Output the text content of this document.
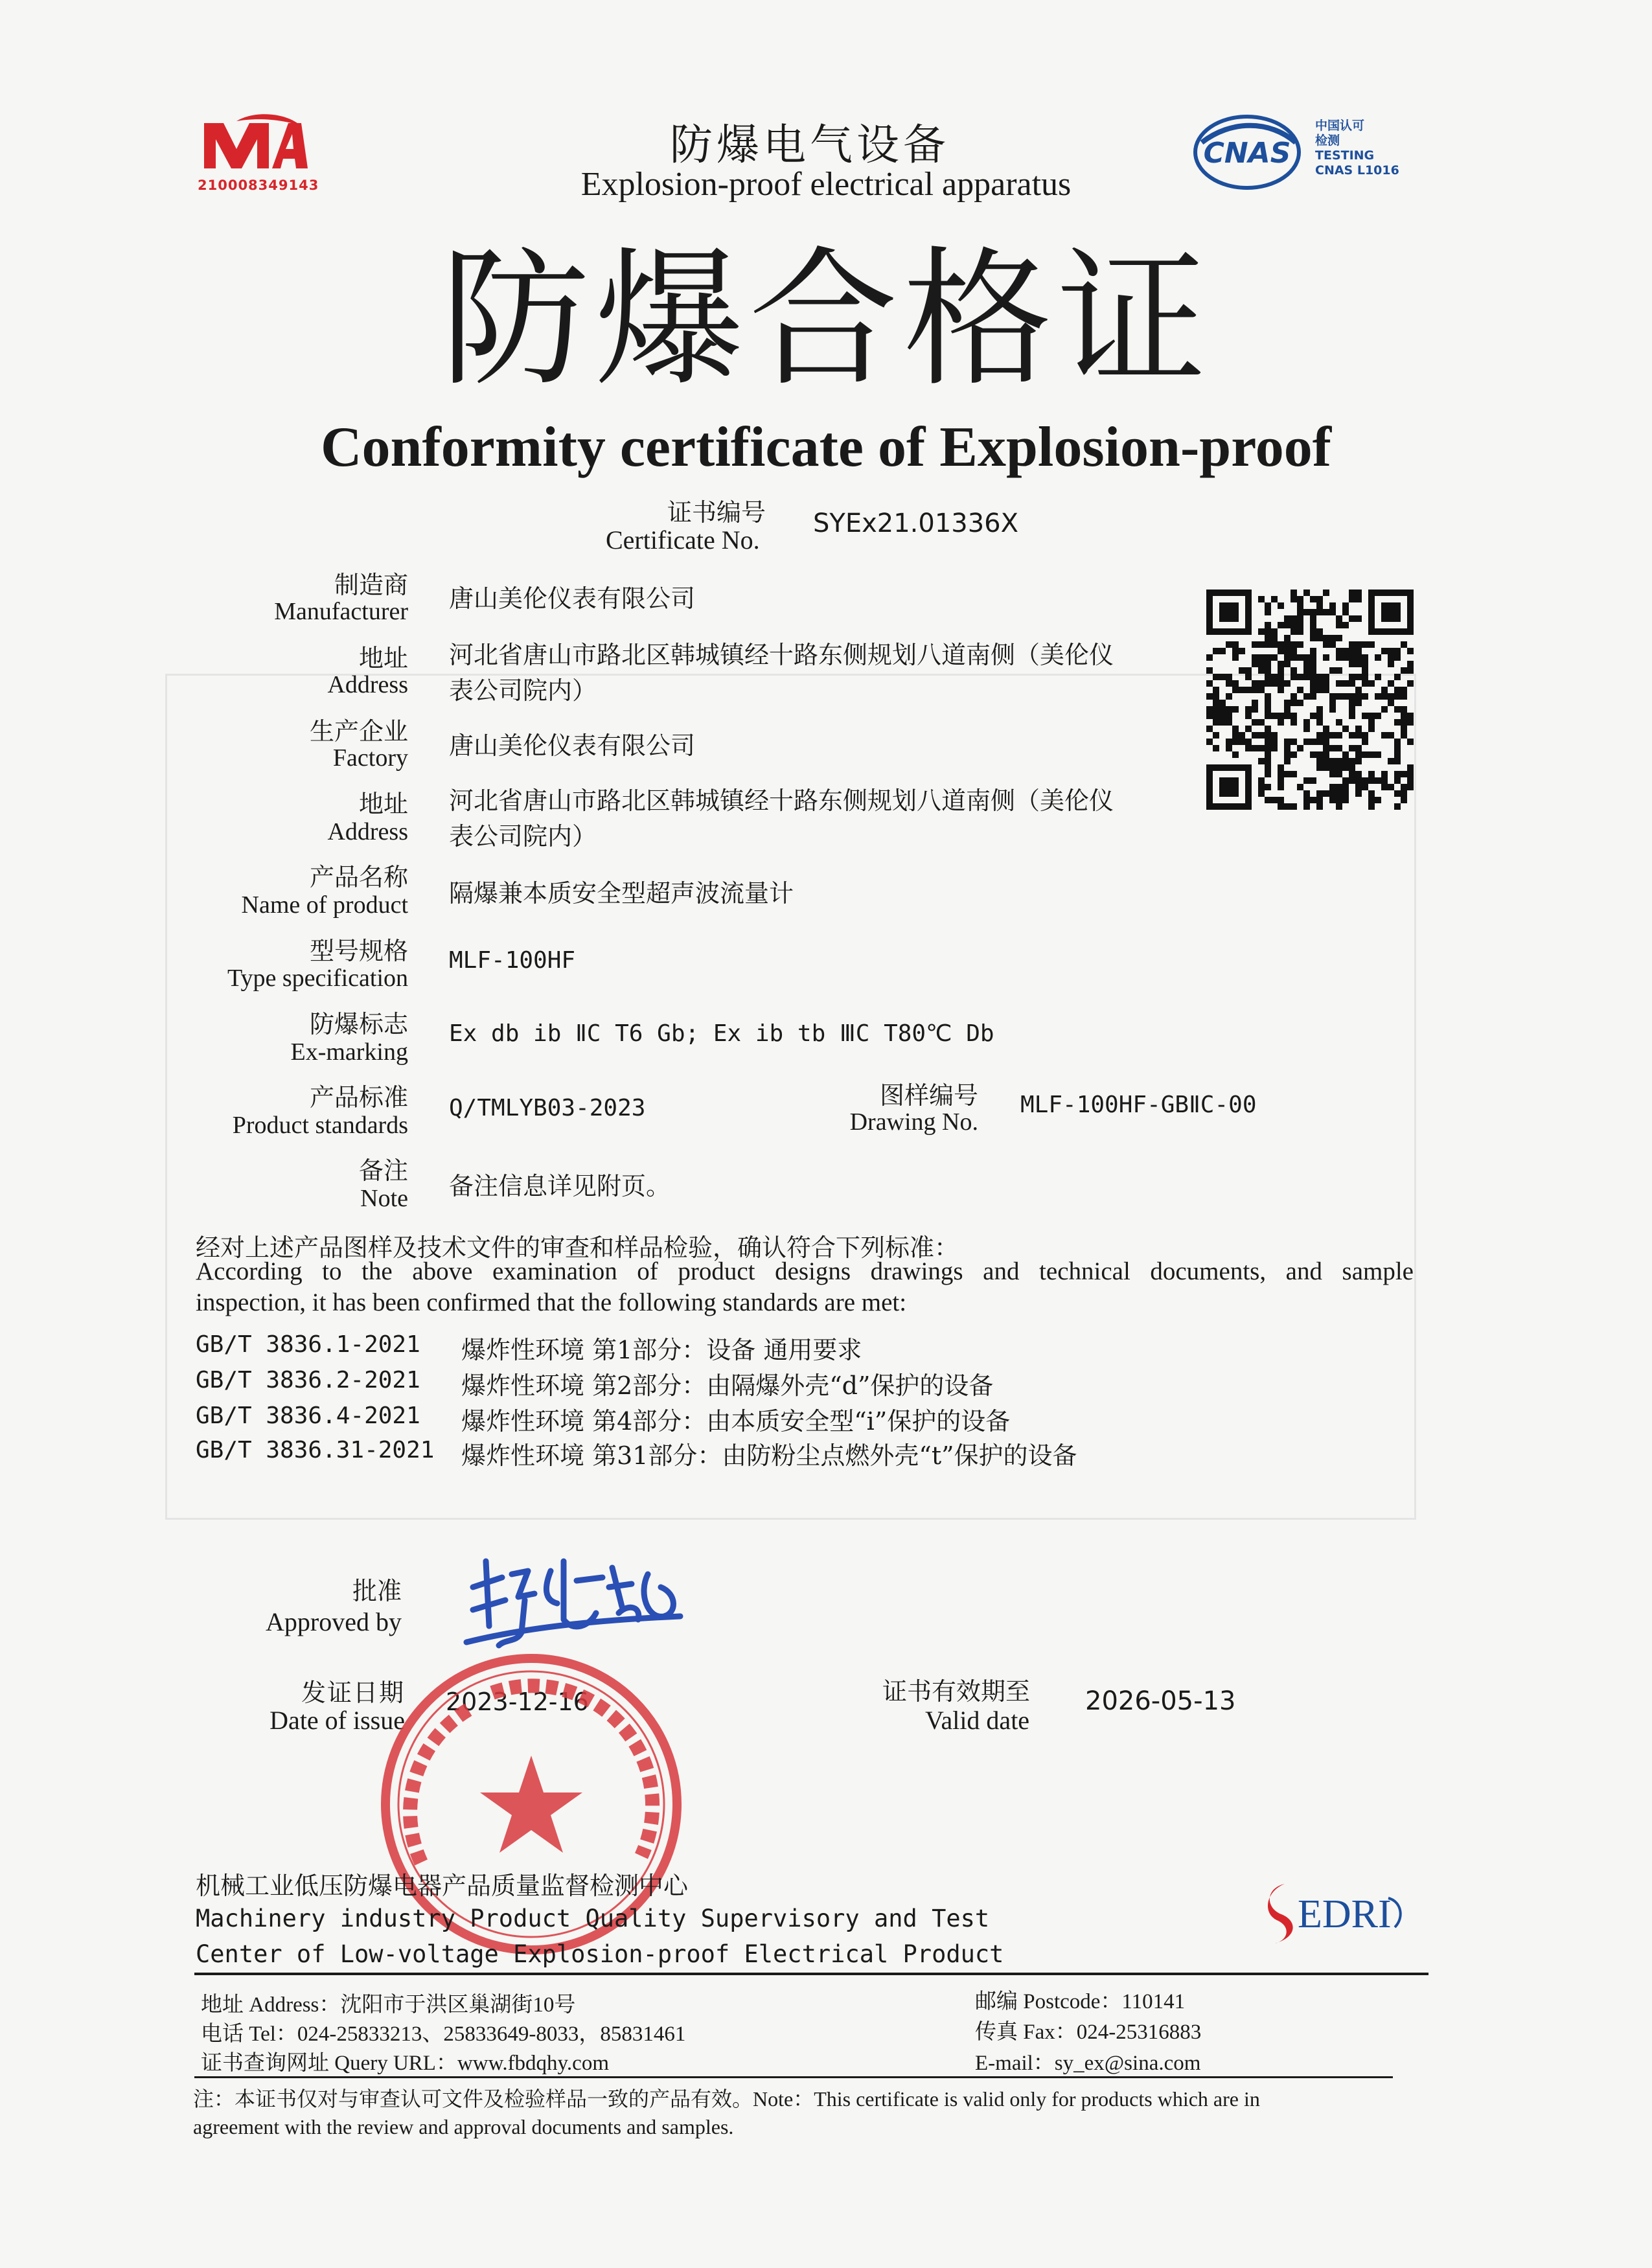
210008349143
防爆电气设备
Explosion-proof electrical apparatus
CNAS
中国认可
检测
TESTING
CNAS L1016
防爆合格证
Conformity certificate of Explosion-proof
证书编号
Certificate No.
SYEx21.01336X
制造商
Manufacturer 唐山美伦仪表有限公司
地址
Address
河北省唐山市路北区韩城镇经十路东侧规划八道南侧（美伦仪
表公司院内）
生产企业
Factory 唐山美伦仪表有限公司
地址
Address
河北省唐山市路北区韩城镇经十路东侧规划八道南侧（美伦仪
表公司院内）
产品名称
Name of product 隔爆兼本质安全型超声波流量计
型号规格
Type specification
MLF-100HF
防爆标志
Ex-marking
Ex db ib ⅡC T6 Gb; Ex ib tb ⅢC T80℃ Db
产品标准
Product standards
Q/TMLYB03-2023	图样编号
Drawing No.
MLF-100HF-GBⅡC-00
备注
Note 备注信息详见附页。
经对上述产品图样及技术文件的审查和样品检验，确认符合下列标准：
According to the above examination of product designs drawings and technical documents, and sample
inspection, it has been confirmed that the following standards are met:
GB/T 3836.1-2021 爆炸性环境 第1部分：设备 通用要求
GB/T 3836.2-2021 爆炸性环境 第2部分：由隔爆外壳“d”保护的设备
GB/T 3836.4-2021 爆炸性环境 第4部分：由本质安全型“i”保护的设备
GB/T 3836.31-2021 爆炸性环境 第31部分：由防粉尘点燃外壳“t”保护的设备
批准
Approved by
发证日期
Date of issue
2023-12-16	证书有效期至
Valid date
2026-05-13
机械工业低压防爆电器产品质量监督检测中心
Machinery industry Product Quality Supervisory and Test
Center of Low-voltage Explosion-proof Electrical Product
EDRI
地址 Address：沈阳市于洪区巢湖街10号
电话 Tel：024-25833213、25833649-8033，85831461
证书查询网址 Query URL：www.fbdqhy.com
邮编 Postcode：110141
传真 Fax：024-25316883
E-mail：sy_ex@sina.com
注：本证书仅对与审查认可文件及检验样品一致的产品有效。Note：This certificate is valid only for products which are in
agreement with the review and approval documents and samples.
